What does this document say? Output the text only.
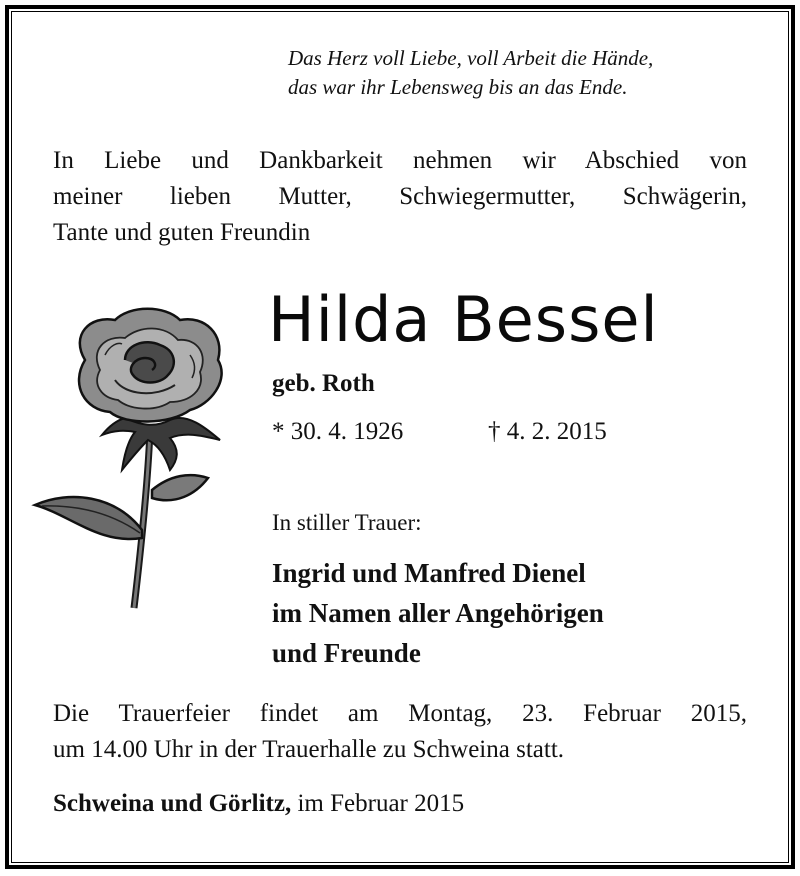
Das Herz voll Liebe, voll Arbeit die Hände,

das war ihr Lebensweg bis an das Ende.

In Liebe und Dankbarkeit nehmen wir Abschied von

meiner lieben Mutter, Schwiegermutter, Schwägerin,

Tante und guten Freundin

Hilda Bessel
geb. Roth
* 30. 4. 1926	† 4. 2. 2015
In stiller Trauer:

Ingrid und Manfred Dienel

im Namen aller Angehörigen

und Freunde

Die Trauerfeier findet am Montag, 23. Februar 2015,

um 14.00 Uhr in der Trauerhalle zu Schweina statt.

Schweina und Görlitz, im Februar 2015
